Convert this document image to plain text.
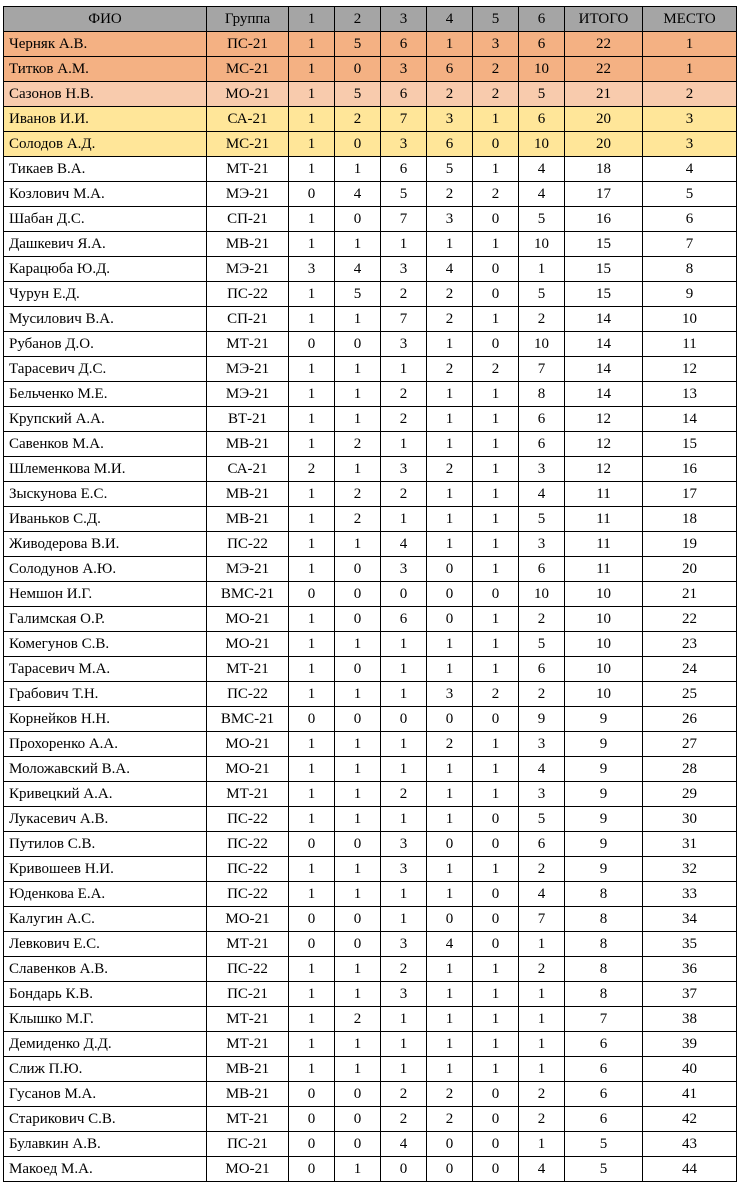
ФИО	Группа	1	2	3	4	5	6	ИТОГО	МЕСТО
Черняк А.В.	ПС-21	1	5	6	1	3	6	22	1
Титков А.М.	МС-21	1	0	3	6	2	10	22	1
Сазонов Н.В.	МО-21	1	5	6	2	2	5	21	2
Иванов И.И.	СА-21	1	2	7	3	1	6	20	3
Солодов А.Д.	МС-21	1	0	3	6	0	10	20	3
Тикаев В.А.	МТ-21	1	1	6	5	1	4	18	4
Козлович М.А.	МЭ-21	0	4	5	2	2	4	17	5
Шабан Д.С.	СП-21	1	0	7	3	0	5	16	6
Дашкевич Я.А.	МВ-21	1	1	1	1	1	10	15	7
Карацюба Ю.Д.	МЭ-21	3	4	3	4	0	1	15	8
Чурун Е.Д.	ПС-22	1	5	2	2	0	5	15	9
Мусилович В.А.	СП-21	1	1	7	2	1	2	14	10
Рубанов Д.О.	МТ-21	0	0	3	1	0	10	14	11
Тарасевич Д.С.	МЭ-21	1	1	1	2	2	7	14	12
Бельченко М.Е.	МЭ-21	1	1	2	1	1	8	14	13
Крупский А.А.	ВТ-21	1	1	2	1	1	6	12	14
Савенков М.А.	МВ-21	1	2	1	1	1	6	12	15
Шлеменкова М.И.	СА-21	2	1	3	2	1	3	12	16
Зыскунова Е.С.	МВ-21	1	2	2	1	1	4	11	17
Иваньков С.Д.	МВ-21	1	2	1	1	1	5	11	18
Живодерова В.И.	ПС-22	1	1	4	1	1	3	11	19
Солодунов А.Ю.	МЭ-21	1	0	3	0	1	6	11	20
Немшон И.Г.	ВМС-21	0	0	0	0	0	10	10	21
Галимская О.Р.	МО-21	1	0	6	0	1	2	10	22
Комегунов С.В.	МО-21	1	1	1	1	1	5	10	23
Тарасевич М.А.	МТ-21	1	0	1	1	1	6	10	24
Грабович Т.Н.	ПС-22	1	1	1	3	2	2	10	25
Корнейков Н.Н.	ВМС-21	0	0	0	0	0	9	9	26
Прохоренко А.А.	МО-21	1	1	1	2	1	3	9	27
Моложавский В.А.	МО-21	1	1	1	1	1	4	9	28
Кривецкий А.А.	МТ-21	1	1	2	1	1	3	9	29
Лукасевич А.В.	ПС-22	1	1	1	1	0	5	9	30
Путилов С.В.	ПС-22	0	0	3	0	0	6	9	31
Кривошеев Н.И.	ПС-22	1	1	3	1	1	2	9	32
Юденкова Е.А.	ПС-22	1	1	1	1	0	4	8	33
Калугин А.С.	МО-21	0	0	1	0	0	7	8	34
Левкович Е.С.	МТ-21	0	0	3	4	0	1	8	35
Славенков А.В.	ПС-22	1	1	2	1	1	2	8	36
Бондарь К.В.	ПС-21	1	1	3	1	1	1	8	37
Клышко М.Г.	МТ-21	1	2	1	1	1	1	7	38
Демиденко Д.Д.	МТ-21	1	1	1	1	1	1	6	39
Слиж П.Ю.	МВ-21	1	1	1	1	1	1	6	40
Гусанов М.А.	МВ-21	0	0	2	2	0	2	6	41
Старикович С.В.	МТ-21	0	0	2	2	0	2	6	42
Булавкин А.В.	ПС-21	0	0	4	0	0	1	5	43
Макоед М.А.	МО-21	0	1	0	0	0	4	5	44
